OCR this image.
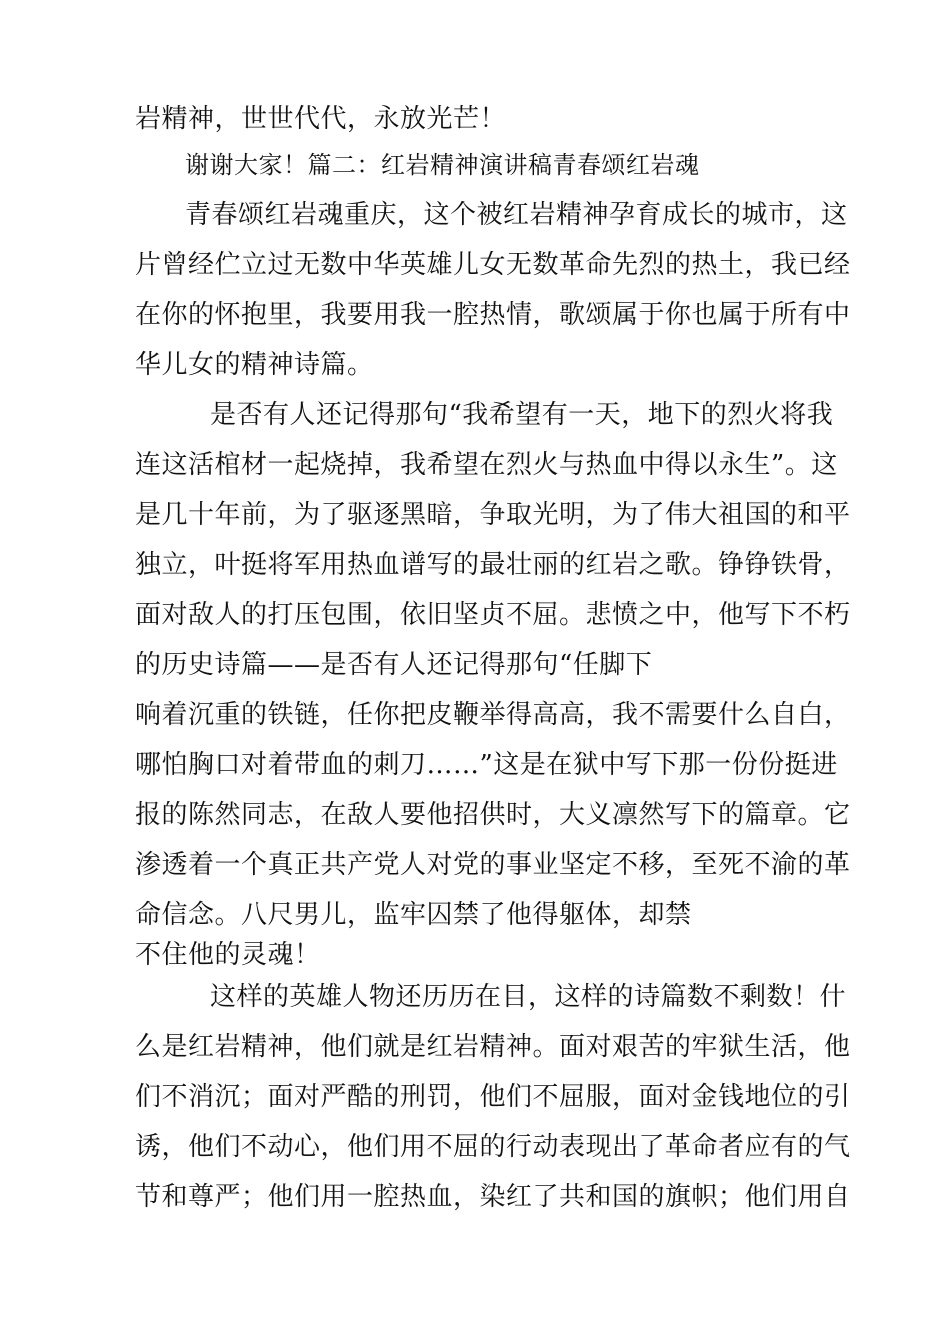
岩精神，世世代代，永放光芒！
谢谢大家！篇二：红岩精神演讲稿青春颂红岩魂
青春颂红岩魂重庆，这个被红岩精神孕育成长的城市，这
片曾经伫立过无数中华英雄儿女无数革命先烈的热土，我已经
在你的怀抱里，我要用我一腔热情，歌颂属于你也属于所有中
华儿女的精神诗篇。
是否有人还记得那句“我希望有一天，地下的烈火将我
连这活棺材一起烧掉，我希望在烈火与热血中得以永生”。这
是几十年前，为了驱逐黑暗，争取光明，为了伟大祖国的和平
独立，叶挺将军用热血谱写的最壮丽的红岩之歌。铮铮铁骨，
面对敌人的打压包围，依旧坚贞不屈。悲愤之中，他写下不朽
的历史诗篇——是否有人还记得那句“任脚下
响着沉重的铁链，任你把皮鞭举得高高，我不需要什么自白，
哪怕胸口对着带血的刺刀……”这是在狱中写下那一份份挺进
报的陈然同志，在敌人要他招供时，大义凛然写下的篇章。它
渗透着一个真正共产党人对党的事业坚定不移，至死不渝的革
命信念。八尺男儿，监牢囚禁了他得躯体，却禁
不住他的灵魂！
这样的英雄人物还历历在目，这样的诗篇数不剩数！什
么是红岩精神，他们就是红岩精神。面对艰苦的牢狱生活，他
们不消沉；面对严酷的刑罚，他们不屈服，面对金钱地位的引
诱，他们不动心，他们用不屈的行动表现出了革命者应有的气
节和尊严；他们用一腔热血，染红了共和国的旗帜；他们用自
